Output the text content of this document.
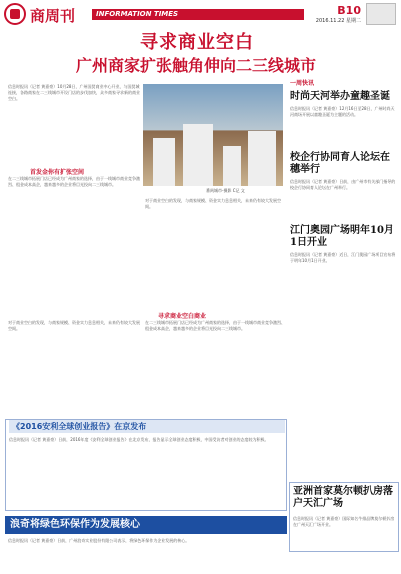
商周刊	INFORMATION TIMES	B10
2016.11.22 星期二
寻求商业空白
广州商家扩张触角伸向二三线城市
信息时报讯（记者 黄嘉豪）10月28日，广州国贸商业中心开业，与国贸城连接，各路商家在二三线城市开设门店的步伐加快，众多商家寻求新的商业空白。
首发金你有扩张空间
在二三线城市拓展门店已经成为广州商家的选择，由于一线城市商业竞争激烈、租金成本高企，越来越多的企业将目光投向二三线城市。
番禺城市-摄影 C记 文
对于商业空白的发现，与商家规模、资金实力息息相关，未来仍有较大发展空间。
寻求商业空白商业
在二三线城市拓展门店已经成为广州商家的选择，由于一线城市商业竞争激烈、租金成本高企，越来越多的企业将目光投向二三线城市。
对于商业空白的发现，与商家规模、资金实力息息相关，未来仍有较大发展空间。
一周快讯
时尚天河举办童趣圣诞
信息时报讯（记者 黄嘉豪）12月16日至28日，广州时尚天河商场开展以童趣圣诞为主题的活动。
校企行协同育人论坛在穗举行
信息时报讯（记者 黄嘉豪）日前，由广州市有关部门指导的校企行协同育人论坛在广州举行。
江门奥园广场明年10月1日开业
信息时报讯（记者 黄嘉豪）近日，江门奥园广场项目宣布将于明年10月1日开业。
亚洲首家莫尔顿扒房落户天汇广场
信息时报讯（记者 黄嘉豪）国际知名牛排品牌莫尔顿扒房在广州天汇广场开业。
《2016安利全球创业报告》在京发布
信息时报讯（记者 黄嘉豪）日前，2016年度《安利全球创业报告》在北京发布，报告显示全球创业态度积极，中国受访者对创业的态度较为积极。
浪奇将绿色环保作为发展核心
信息时报讯（记者 黄嘉豪）日前，广州浪奇实业股份有限公司表示，将绿色环保作为企业发展的核心。
